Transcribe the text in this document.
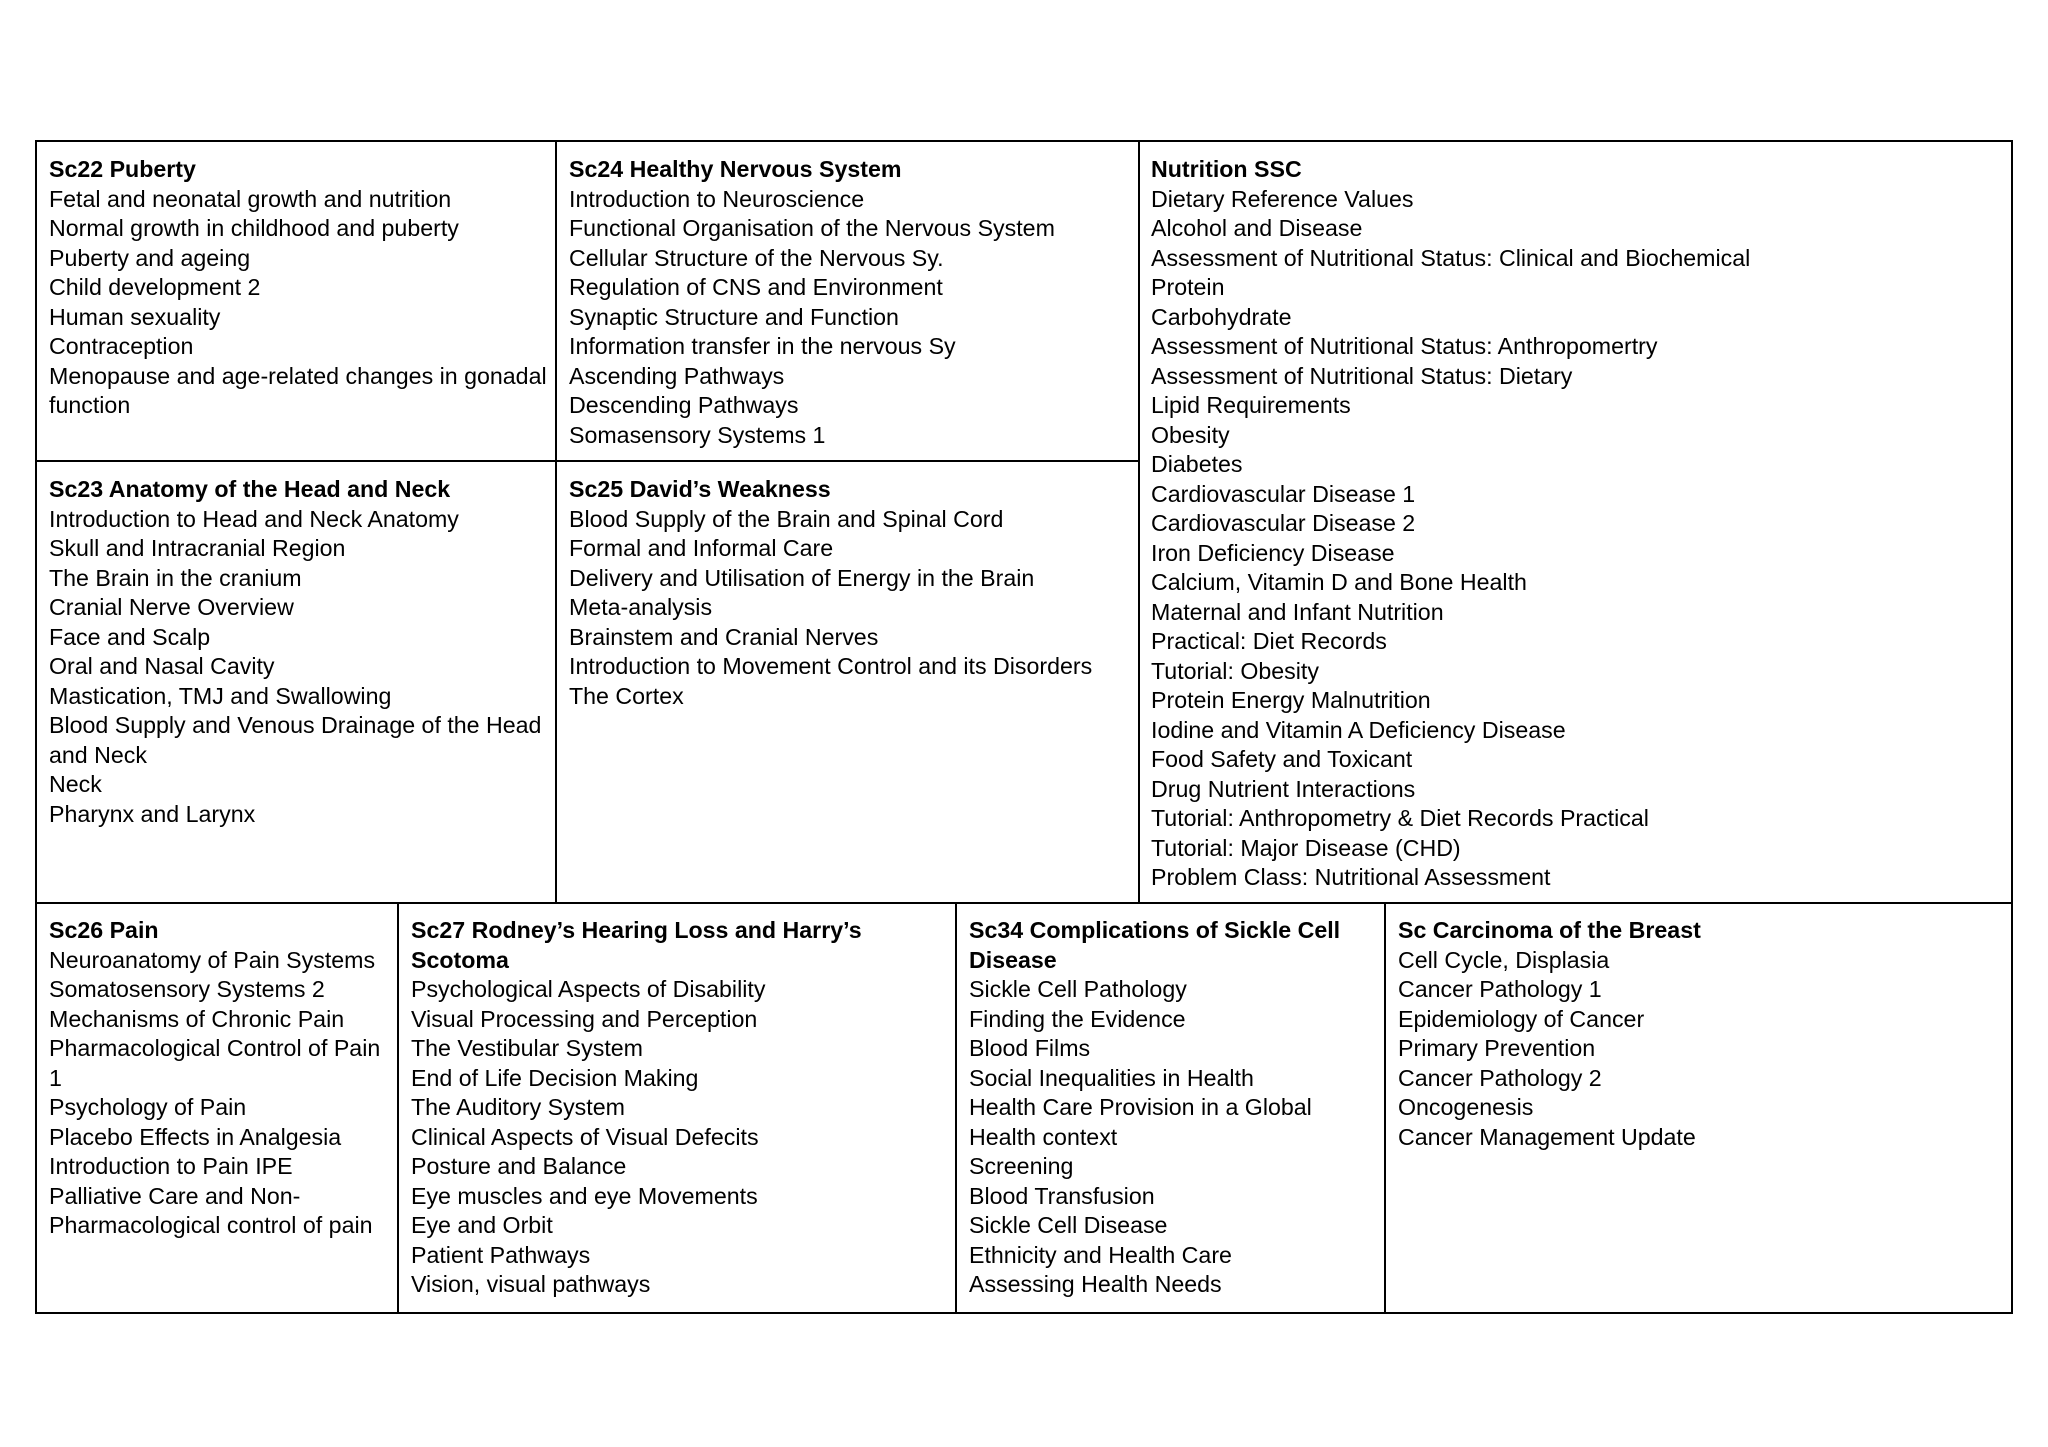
Sc22 Puberty
Fetal and neonatal growth and nutrition
Normal growth in childhood and puberty
Puberty and ageing
Child development 2
Human sexuality
Contraception
Menopause and age-related changes in gonadal function
Sc24 Healthy Nervous System
Introduction to Neuroscience
Functional Organisation of the Nervous System
Cellular Structure of the Nervous Sy.
Regulation of CNS and Environment
Synaptic Structure and Function
Information transfer in the nervous Sy
Ascending Pathways
Descending Pathways
Somasensory Systems 1
Nutrition SSC
Dietary Reference Values
Alcohol and Disease
Assessment of Nutritional Status: Clinical and Biochemical
Protein
Carbohydrate
Assessment of Nutritional Status: Anthropomertry
Assessment of Nutritional Status: Dietary
Lipid Requirements
Obesity
Diabetes
Cardiovascular Disease 1
Cardiovascular Disease 2
Iron Deficiency Disease
Calcium, Vitamin D and Bone Health
Maternal and Infant Nutrition
Practical: Diet Records
Tutorial: Obesity
Protein Energy Malnutrition
Iodine and Vitamin A Deficiency Disease
Food Safety and Toxicant
Drug Nutrient Interactions
Tutorial: Anthropometry & Diet Records Practical
Tutorial: Major Disease (CHD)
Problem Class: Nutritional Assessment
Sc23 Anatomy of the Head and Neck
Introduction to Head and Neck Anatomy
Skull and Intracranial Region
The Brain in the cranium
Cranial Nerve Overview
Face and Scalp
Oral and Nasal Cavity
Mastication, TMJ and Swallowing
Blood Supply and Venous Drainage of the Head and Neck
Neck
Pharynx and Larynx
Sc25 David’s Weakness
Blood Supply of the Brain and Spinal Cord
Formal and Informal Care
Delivery and Utilisation of Energy in the Brain
Meta-analysis
Brainstem and Cranial Nerves
Introduction to Movement Control and its Disorders
The Cortex
Sc26 Pain
Neuroanatomy of Pain Systems
Somatosensory Systems 2
Mechanisms of Chronic Pain
Pharmacological Control of Pain 1
Psychology of Pain
Placebo Effects in Analgesia
Introduction to Pain IPE
Palliative Care and Non-Pharmacological control of pain
Sc27 Rodney’s Hearing Loss and Harry’s Scotoma
Psychological Aspects of Disability
Visual Processing and Perception
The Vestibular System
End of Life Decision Making
The Auditory System
Clinical Aspects of Visual Defecits
Posture and Balance
Eye muscles and eye Movements
Eye and Orbit
Patient Pathways
Vision, visual pathways
Sc34 Complications of Sickle Cell Disease
Sickle Cell Pathology
Finding the Evidence
Blood Films
Social Inequalities in Health
Health Care Provision in a Global Health context
Screening
Blood Transfusion
Sickle Cell Disease
Ethnicity and Health Care
Assessing Health Needs
Sc Carcinoma of the Breast
Cell Cycle, Displasia
Cancer Pathology 1
Epidemiology of Cancer
Primary Prevention
Cancer Pathology 2
Oncogenesis
Cancer Management Update
